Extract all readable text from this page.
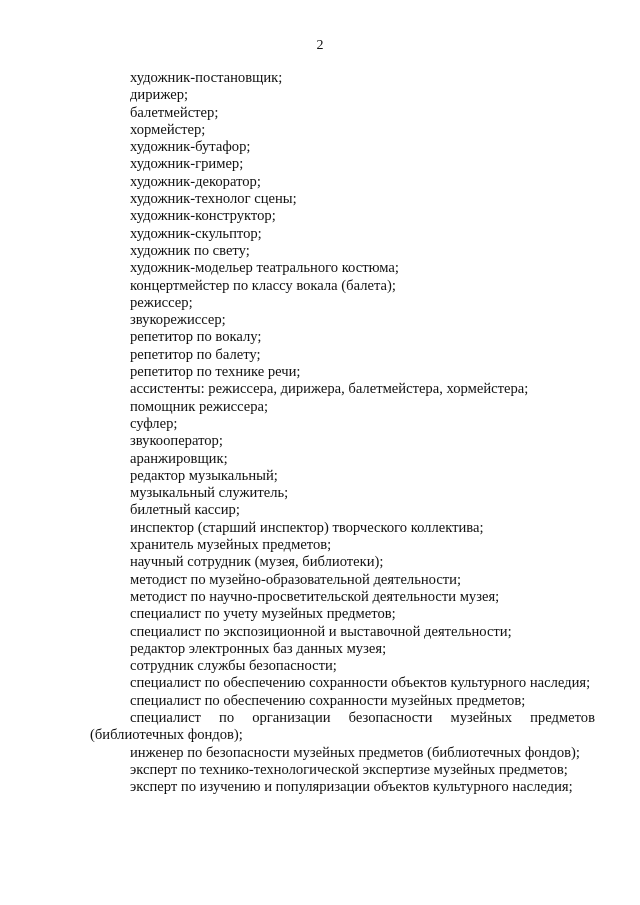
2
художник-постановщик;
дирижер;
балетмейстер;
хормейстер;
художник-бутафор;
художник-гример;
художник-декоратор;
художник-технолог сцены;
художник-конструктор;
художник-скульптор;
художник по свету;
художник-модельер театрального костюма;
концертмейстер по классу вокала (балета);
режиссер;
звукорежиссер;
репетитор по вокалу;
репетитор по балету;
репетитор по технике речи;
ассистенты: режиссера, дирижера, балетмейстера, хормейстера;
помощник режиссера;
суфлер;
звукооператор;
аранжировщик;
редактор музыкальный;
музыкальный служитель;
билетный кассир;
инспектор (старший инспектор) творческого коллектива;
хранитель музейных предметов;
научный сотрудник (музея, библиотеки);
методист по музейно-образовательной деятельности;
методист по научно-просветительской деятельности музея;
специалист по учету музейных предметов;
специалист по экспозиционной и выставочной деятельности;
редактор электронных баз данных музея;
сотрудник службы безопасности;
специалист по обеспечению сохранности объектов культурного наследия;
специалист по обеспечению сохранности музейных предметов;
специалист по организации безопасности музейных предметов (библиотечных фондов);
инженер по безопасности музейных предметов (библиотечных фондов);
эксперт по технико-технологической экспертизе музейных предметов;
эксперт по изучению и популяризации объектов культурного наследия;
